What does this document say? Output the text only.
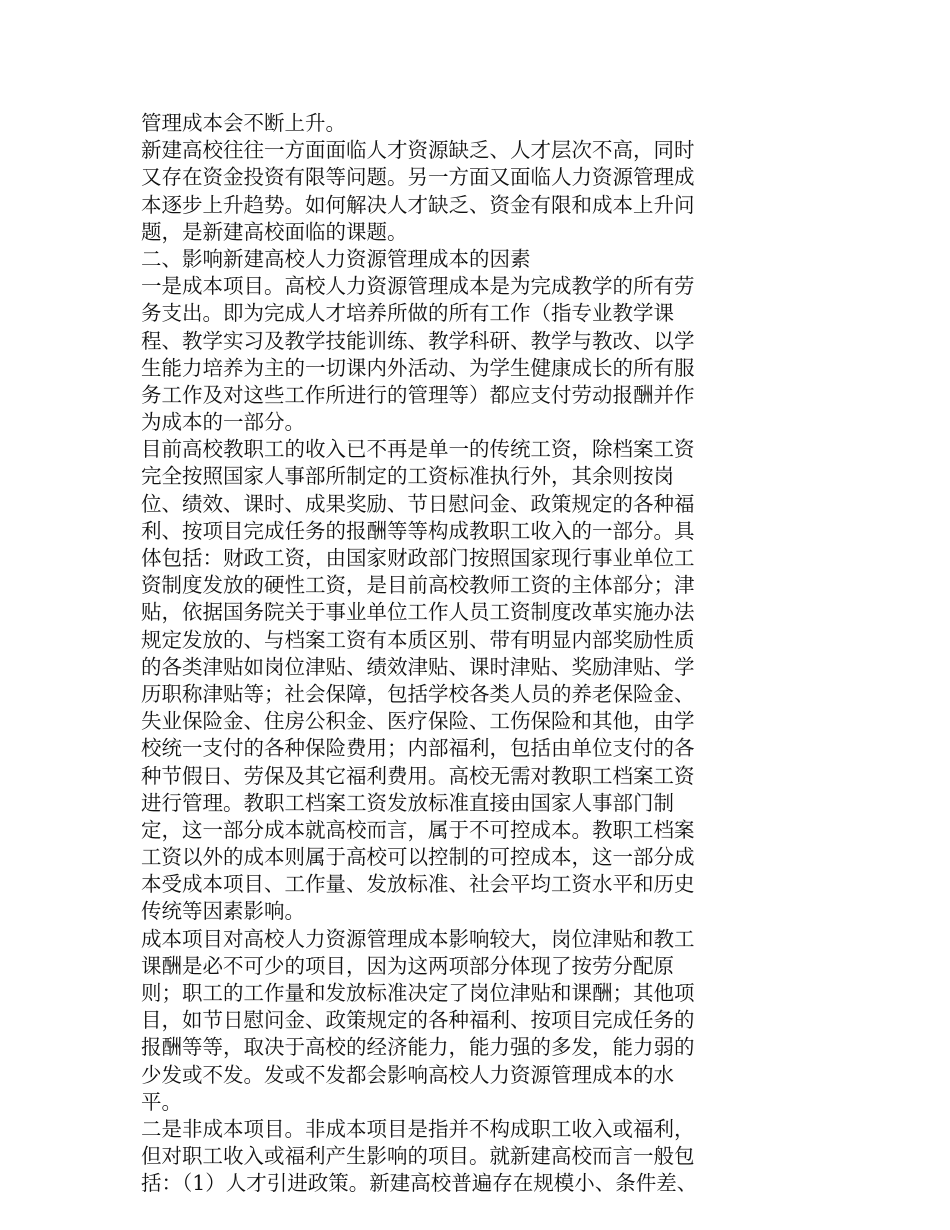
管理成本会不断上升。
新建高校往往一方面面临人才资源缺乏、人才层次不高，同时
又存在资金投资有限等问题。另一方面又面临人力资源管理成
本逐步上升趋势。如何解决人才缺乏、资金有限和成本上升问
题，是新建高校面临的课题。
二、影响新建高校人力资源管理成本的因素
一是成本项目。高校人力资源管理成本是为完成教学的所有劳
务支出。即为完成人才培养所做的所有工作（指专业教学课
程、教学实习及教学技能训练、教学科研、教学与教改、以学
生能力培养为主的一切课内外活动、为学生健康成长的所有服
务工作及对这些工作所进行的管理等）都应支付劳动报酬并作
为成本的一部分。
目前高校教职工的收入已不再是单一的传统工资，除档案工资
完全按照国家人事部所制定的工资标准执行外，其余则按岗
位、绩效、课时、成果奖励、节日慰问金、政策规定的各种福
利、按项目完成任务的报酬等等构成教职工收入的一部分。具
体包括：财政工资，由国家财政部门按照国家现行事业单位工
资制度发放的硬性工资，是目前高校教师工资的主体部分；津
贴，依据国务院关于事业单位工作人员工资制度改革实施办法
规定发放的、与档案工资有本质区别、带有明显内部奖励性质
的各类津贴如岗位津贴、绩效津贴、课时津贴、奖励津贴、学
历职称津贴等；社会保障，包括学校各类人员的养老保险金、
失业保险金、住房公积金、医疗保险、工伤保险和其他，由学
校统一支付的各种保险费用；内部福利，包括由单位支付的各
种节假日、劳保及其它福利费用。高校无需对教职工档案工资
进行管理。教职工档案工资发放标准直接由国家人事部门制
定，这一部分成本就高校而言，属于不可控成本。教职工档案
工资以外的成本则属于高校可以控制的可控成本，这一部分成
本受成本项目、工作量、发放标准、社会平均工资水平和历史
传统等因素影响。
成本项目对高校人力资源管理成本影响较大，岗位津贴和教工
课酬是必不可少的项目，因为这两项部分体现了按劳分配原
则；职工的工作量和发放标准决定了岗位津贴和课酬；其他项
目，如节日慰问金、政策规定的各种福利、按项目完成任务的
报酬等等，取决于高校的经济能力，能力强的多发，能力弱的
少发或不发。发或不发都会影响高校人力资源管理成本的水
平。
二是非成本项目。非成本项目是指并不构成职工收入或福利，
但对职工收入或福利产生影响的项目。就新建高校而言一般包
括：（1）人才引进政策。新建高校普遍存在规模小、条件差、
